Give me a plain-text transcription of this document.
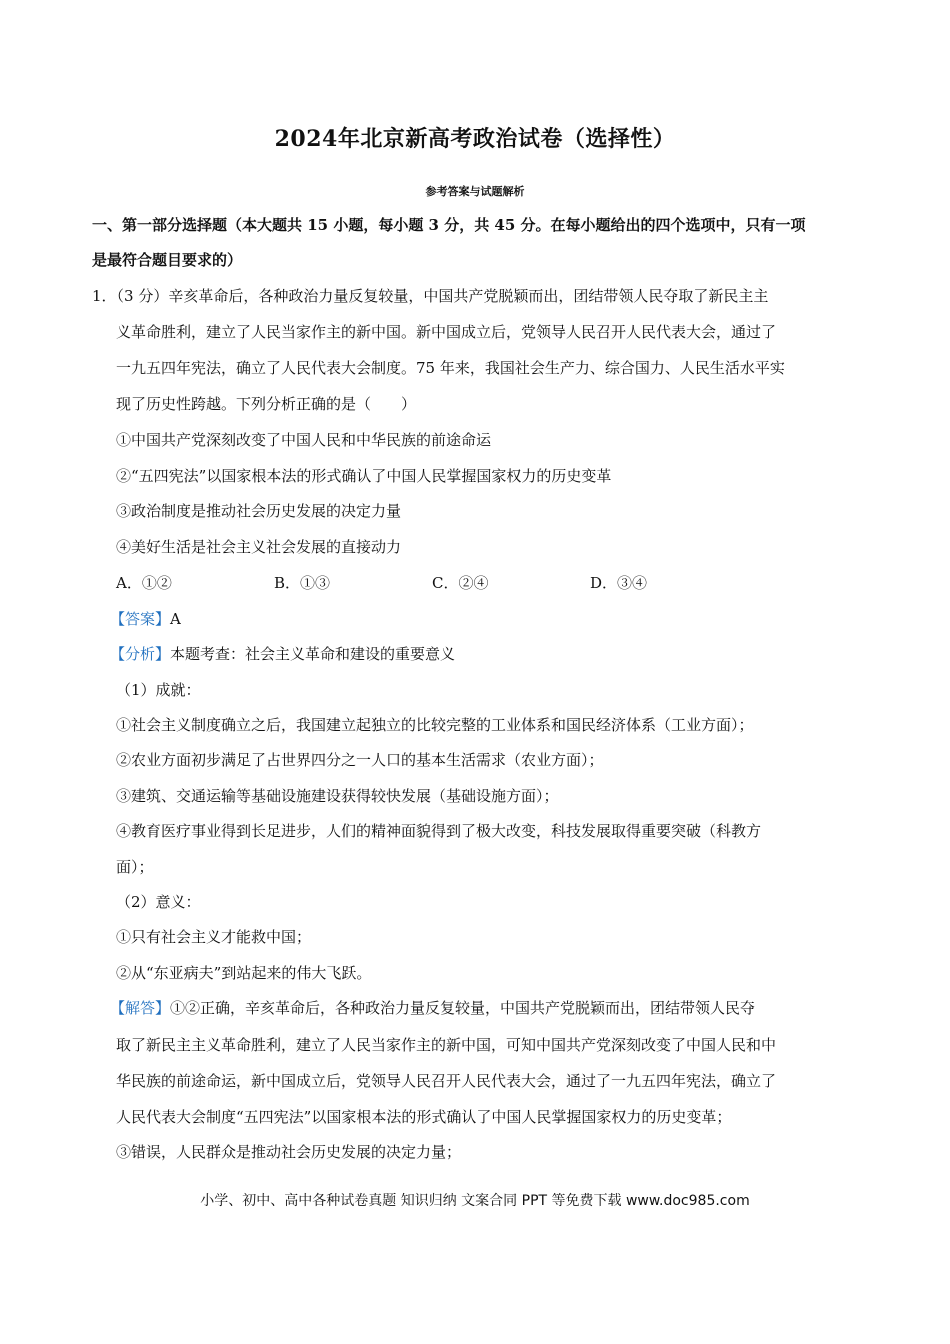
2024年北京新高考政治试卷（选择性）
参考答案与试题解析
一、第一部分选择题（本大题共 15 小题，每小题 3 分，共 45 分。在每小题给出的四个选项中，只有一项
是最符合题目要求的）
1．（3 分）辛亥革命后，各种政治力量反复较量，中国共产党脱颖而出，团结带领人民夺取了新民主主
义革命胜利，建立了人民当家作主的新中国。新中国成立后，党领导人民召开人民代表大会，通过了
一九五四年宪法，确立了人民代表大会制度。75 年来，我国社会生产力、综合国力、人民生活水平实
现了历史性跨越。下列分析正确的是（　　）
①中国共产党深刻改变了中国人民和中华民族的前途命运
②“五四宪法”以国家根本法的形式确认了中国人民掌握国家权力的历史变革
③政治制度是推动社会历史发展的决定力量
④美好生活是社会主义社会发展的直接动力
A．①②	B．①③	C．②④	D．③④
【答案】A
【分析】本题考查：社会主义革命和建设的重要意义
（1）成就：
①社会主义制度确立之后，我国建立起独立的比较完整的工业体系和国民经济体系（工业方面）；
②农业方面初步满足了占世界四分之一人口的基本生活需求（农业方面）；
③建筑、交通运输等基础设施建设获得较快发展（基础设施方面）；
④教育医疗事业得到长足进步，人们的精神面貌得到了极大改变，科技发展取得重要突破（科教方
面）；
（2）意义：
①只有社会主义才能救中国；
②从“东亚病夫”到站起来的伟大飞跃。
【解答】①②正确，辛亥革命后，各种政治力量反复较量，中国共产党脱颖而出，团结带领人民夺
取了新民主主义革命胜利，建立了人民当家作主的新中国，可知中国共产党深刻改变了中国人民和中
华民族的前途命运，新中国成立后，党领导人民召开人民代表大会，通过了一九五四年宪法，确立了
人民代表大会制度“五四宪法”以国家根本法的形式确认了中国人民掌握国家权力的历史变革；
③错误，人民群众是推动社会历史发展的决定力量；
小学、初中、高中各种试卷真题 知识归纳 文案合同 PPT 等免费下载 www.doc985.com
